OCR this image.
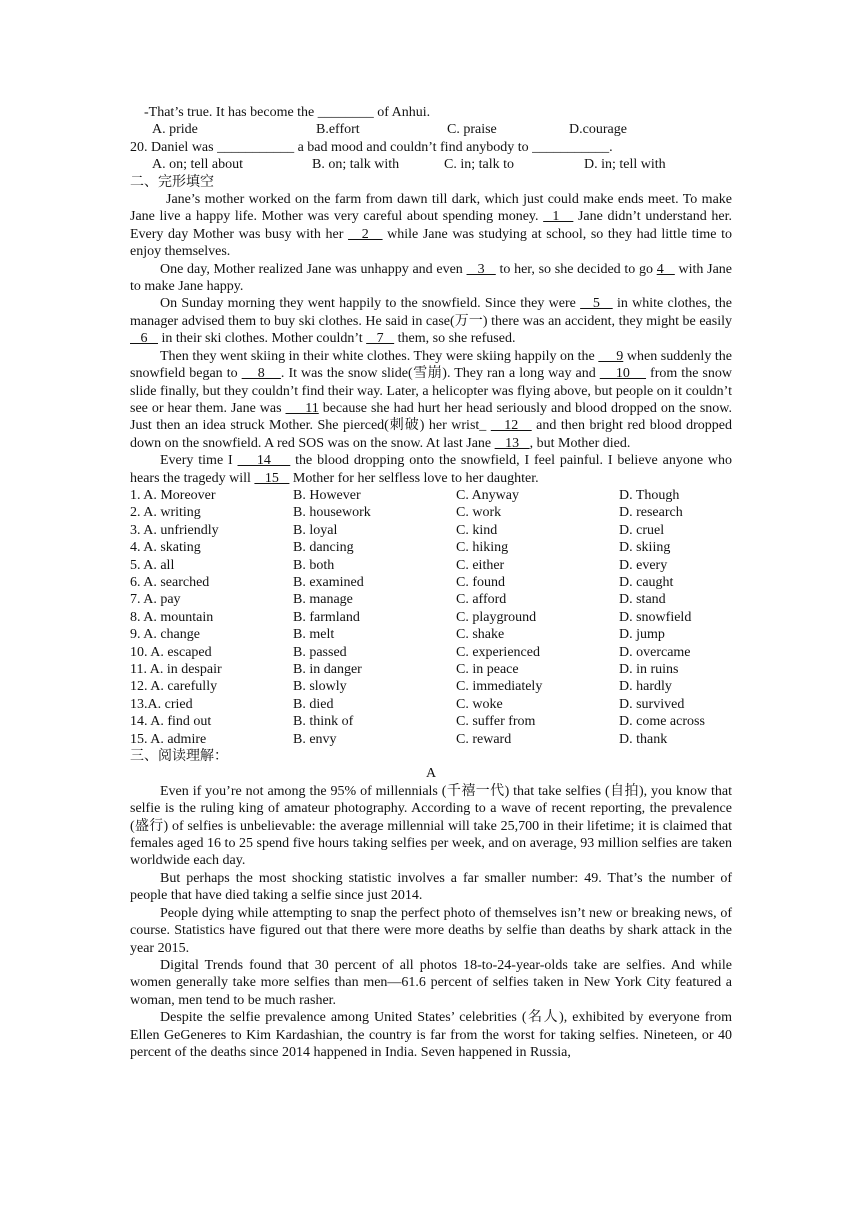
-That’s true. It has become the ________ of Anhui.
A. pride	B.effort	C. praise	D.courage
20. Daniel was ___________ a bad mood and couldn’t find anybody to ___________.
A. on; tell about	B. on; talk with	C. in; talk to	D. in; tell with
二、完形填空
Jane’s mother worked on the farm from dawn till dark, which just could make ends meet. To make Jane live a happy life. Mother was very careful about spending money.   1    Jane didn’t understand her. Every day Mother was busy with her    2    while Jane was studying at school, so they had little time to enjoy themselves.
One day, Mother realized Jane was unhappy and even    3    to her, so she decided to go 4    with Jane to make Jane happy.
On Sunday morning they went happily to the snowfield. Since they were    5    in white clothes, the manager advised them to buy ski clothes. He said in case(万一) there was an accident, they might be easily    6    in their ski clothes. Mother couldn’t    7    them, so she refused.
Then they went skiing in their white clothes. They were skiing happily on the      9 when suddenly the snowfield began to     8    . It was the snow slide(雪崩). They ran a long way and     10     from the snow slide finally, but they couldn’t find their way. Later, a helicopter was flying above, but people on it couldn’t see or hear them. Jane was      11 because she had hurt her head seriously and blood dropped on the snow. Just then an idea struck Mother. She pierced(刺破) her wrist_    12    and then bright red blood dropped down on the snowfield. A red SOS was on the snow. At last Jane    13   , but Mother died.
Every time I     14     the blood dropping onto the snowfield, I feel painful. I believe anyone who hears the tragedy will    15    Mother for her selfless love to her daughter.
1. A. Moreover	B. However	C. Anyway	D. Though
2. A. writing	B. housework	C. work	D. research
3. A. unfriendly	B. loyal	C. kind	D. cruel
4. A. skating	B. dancing	C. hiking	D. skiing
5. A. all	B. both	C. either	D. every
6. A. searched	B. examined	C. found	D. caught
7. A. pay	B. manage	C. afford	D. stand
8. A. mountain	B. farmland	C. playground	D. snowfield
9. A. change	B. melt	C. shake	D. jump
10. A. escaped	B. passed	C. experienced	D. overcame
11. A. in despair	B. in danger	C. in peace	D. in ruins
12. A. carefully	B. slowly	C. immediately	D. hardly
13.A. cried	B. died	C. woke	D. survived
14. A. find out	B. think of	C. suffer from	D. come across
15. A. admire	B. envy	C. reward	D. thank
三、阅读理解：
A
Even if you’re not among the 95% of millennials (千禧一代) that take selfies (自拍), you know that selfie is the ruling king of amateur photography. According to a wave of recent reporting, the prevalence (盛行) of selfies is unbelievable: the average millennial will take 25,700 in their lifetime; it is claimed that females aged 16 to 25 spend five hours taking selfies per week, and on average, 93 million selfies are taken worldwide each day.
But perhaps the most shocking statistic involves a far smaller number: 49. That’s the number of people that have died taking a selfie since just 2014.
People dying while attempting to snap the perfect photo of themselves isn’t new or breaking news, of course. Statistics have figured out that there were more deaths by selfie than deaths by shark attack in the year 2015.
Digital Trends found that 30 percent of all photos 18-to-24-year-olds take are selfies. And while women generally take more selfies than men—61.6 percent of selfies taken in New York City featured a woman, men tend to be much rasher.
Despite the selfie prevalence among United States’ celebrities (名人), exhibited by everyone from Ellen GeGeneres to Kim Kardashian, the country is far from the worst for taking selfies. Nineteen, or 40 percent of the deaths since 2014 happened in India. Seven happened in Russia,
